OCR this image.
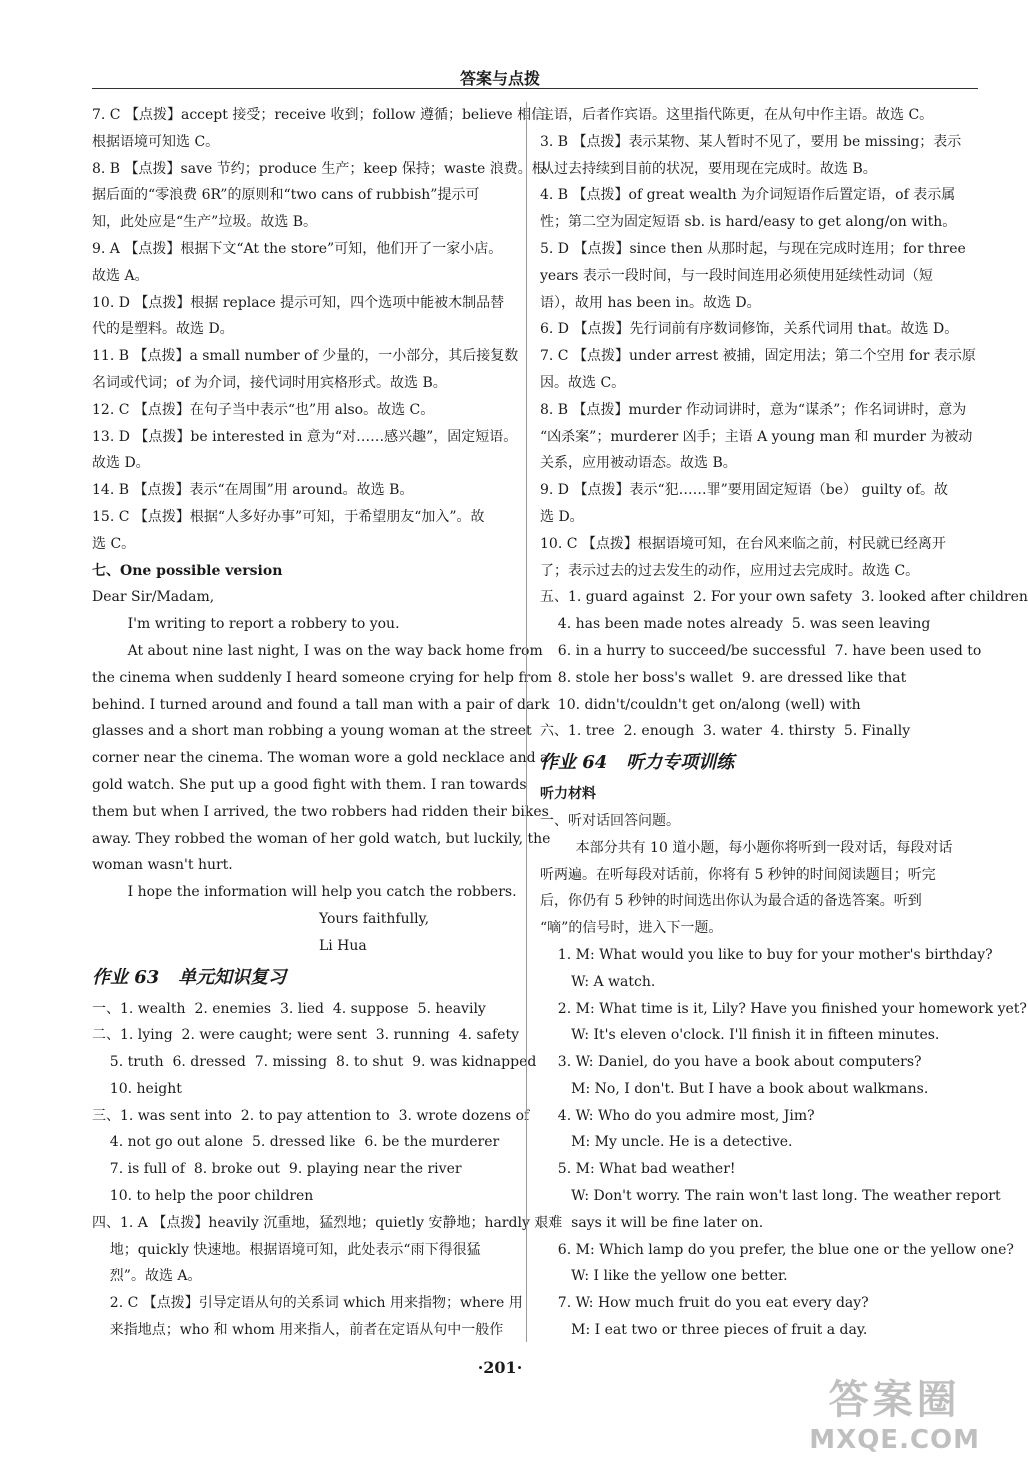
答案与点拨
7. C 【点拨】accept 接受；receive 收到；follow 遵循；believe 相信。
根据语境可知选 C。
8. B 【点拨】save 节约；produce 生产；keep 保持；waste 浪费。根
据后面的“零浪费 6R”的原则和“two cans of rubbish”提示可
知，此处应是“生产”垃圾。故选 B。
9. A 【点拨】根据下文“At the store”可知，他们开了一家小店。
故选 A。
10. D 【点拨】根据 replace 提示可知，四个选项中能被木制品替
代的是塑料。故选 D。
11. B 【点拨】a small number of 少量的，一小部分，其后接复数
名词或代词；of 为介词，接代词时用宾格形式。故选 B。
12. C 【点拨】在句子当中表示“也”用 also。故选 C。
13. D 【点拨】be interested in 意为“对……感兴趣”，固定短语。
故选 D。
14. B 【点拨】表示“在周围”用 around。故选 B。
15. C 【点拨】根据“人多好办事”可知，于希望朋友“加入”。故
选 C。
七、One possible version
Dear Sir/Madam,
I'm writing to report a robbery to you.
At about nine last night, I was on the way back home from
the cinema when suddenly I heard someone crying for help from
behind. I turned around and found a tall man with a pair of dark
glasses and a short man robbing a young woman at the street
corner near the cinema. The woman wore a gold necklace and a
gold watch. She put up a good fight with them. I ran towards
them but when I arrived, the two robbers had ridden their bikes
away. They robbed the woman of her gold watch, but luckily, the
woman wasn't hurt.
I hope the information will help you catch the robbers.
Yours faithfully,
Li Hua
作业 63   单元知识复习
一、1. wealth  2. enemies  3. lied  4. suppose  5. heavily
二、1. lying  2. were caught; were sent  3. running  4. safety
5. truth  6. dressed  7. missing  8. to shut  9. was kidnapped
10. height
三、1. was sent into  2. to pay attention to  3. wrote dozens of
4. not go out alone  5. dressed like  6. be the murderer
7. is full of  8. broke out  9. playing near the river
10. to help the poor children
四、1. A 【点拨】heavily 沉重地，猛烈地；quietly 安静地；hardly 艰难
地；quickly 快速地。根据语境可知，此处表示“雨下得很猛
烈”。故选 A。
2. C 【点拨】引导定语从句的关系词 which 用来指物；where 用
来指地点；who 和 whom 用来指人，前者在定语从句中一般作
主语，后者作宾语。这里指代陈更，在从句中作主语。故选 C。
3. B 【点拨】表示某物、某人暂时不见了，要用 be missing；表示
从过去持续到目前的状况，要用现在完成时。故选 B。
4. B 【点拨】of great wealth 为介词短语作后置定语，of 表示属
性；第二空为固定短语 sb. is hard/easy to get along/on with。
5. D 【点拨】since then 从那时起，与现在完成时连用；for three
years 表示一段时间，与一段时间连用必须使用延续性动词（短
语），故用 has been in。故选 D。
6. D 【点拨】先行词前有序数词修饰，关系代词用 that。故选 D。
7. C 【点拨】under arrest 被捕，固定用法；第二个空用 for 表示原
因。故选 C。
8. B 【点拨】murder 作动词讲时，意为“谋杀”；作名词讲时，意为
“凶杀案”；murderer 凶手；主语 A young man 和 murder 为被动
关系，应用被动语态。故选 B。
9. D 【点拨】表示“犯……罪”要用固定短语（be） guilty of。故
选 D。
10. C 【点拨】根据语境可知，在台风来临之前，村民就已经离开
了；表示过去的过去发生的动作，应用过去完成时。故选 C。
五、1. guard against  2. For your own safety  3. looked after children
4. has been made notes already  5. was seen leaving
6. in a hurry to succeed/be successful  7. have been used to
8. stole her boss's wallet  9. are dressed like that
10. didn't/couldn't get on/along (well) with
六、1. tree  2. enough  3. water  4. thirsty  5. Finally
作业 64   听力专项训练
听力材料
一、听对话回答问题。
本部分共有 10 道小题，每小题你将听到一段对话，每段对话
听两遍。在听每段对话前，你将有 5 秒钟的时间阅读题目；听完
后，你仍有 5 秒钟的时间选出你认为最合适的备选答案。听到
“嘀”的信号时，进入下一题。
1. M: What would you like to buy for your mother's birthday?
W: A watch.
2. M: What time is it, Lily? Have you finished your homework yet?
W: It's eleven o'clock. I'll finish it in fifteen minutes.
3. W: Daniel, do you have a book about computers?
M: No, I don't. But I have a book about walkmans.
4. W: Who do you admire most, Jim?
M: My uncle. He is a detective.
5. M: What bad weather!
W: Don't worry. The rain won't last long. The weather report
says it will be fine later on.
6. M: Which lamp do you prefer, the blue one or the yellow one?
W: I like the yellow one better.
7. W: How much fruit do you eat every day?
M: I eat two or three pieces of fruit a day.
·201·
答案圈
MXQE.COM
